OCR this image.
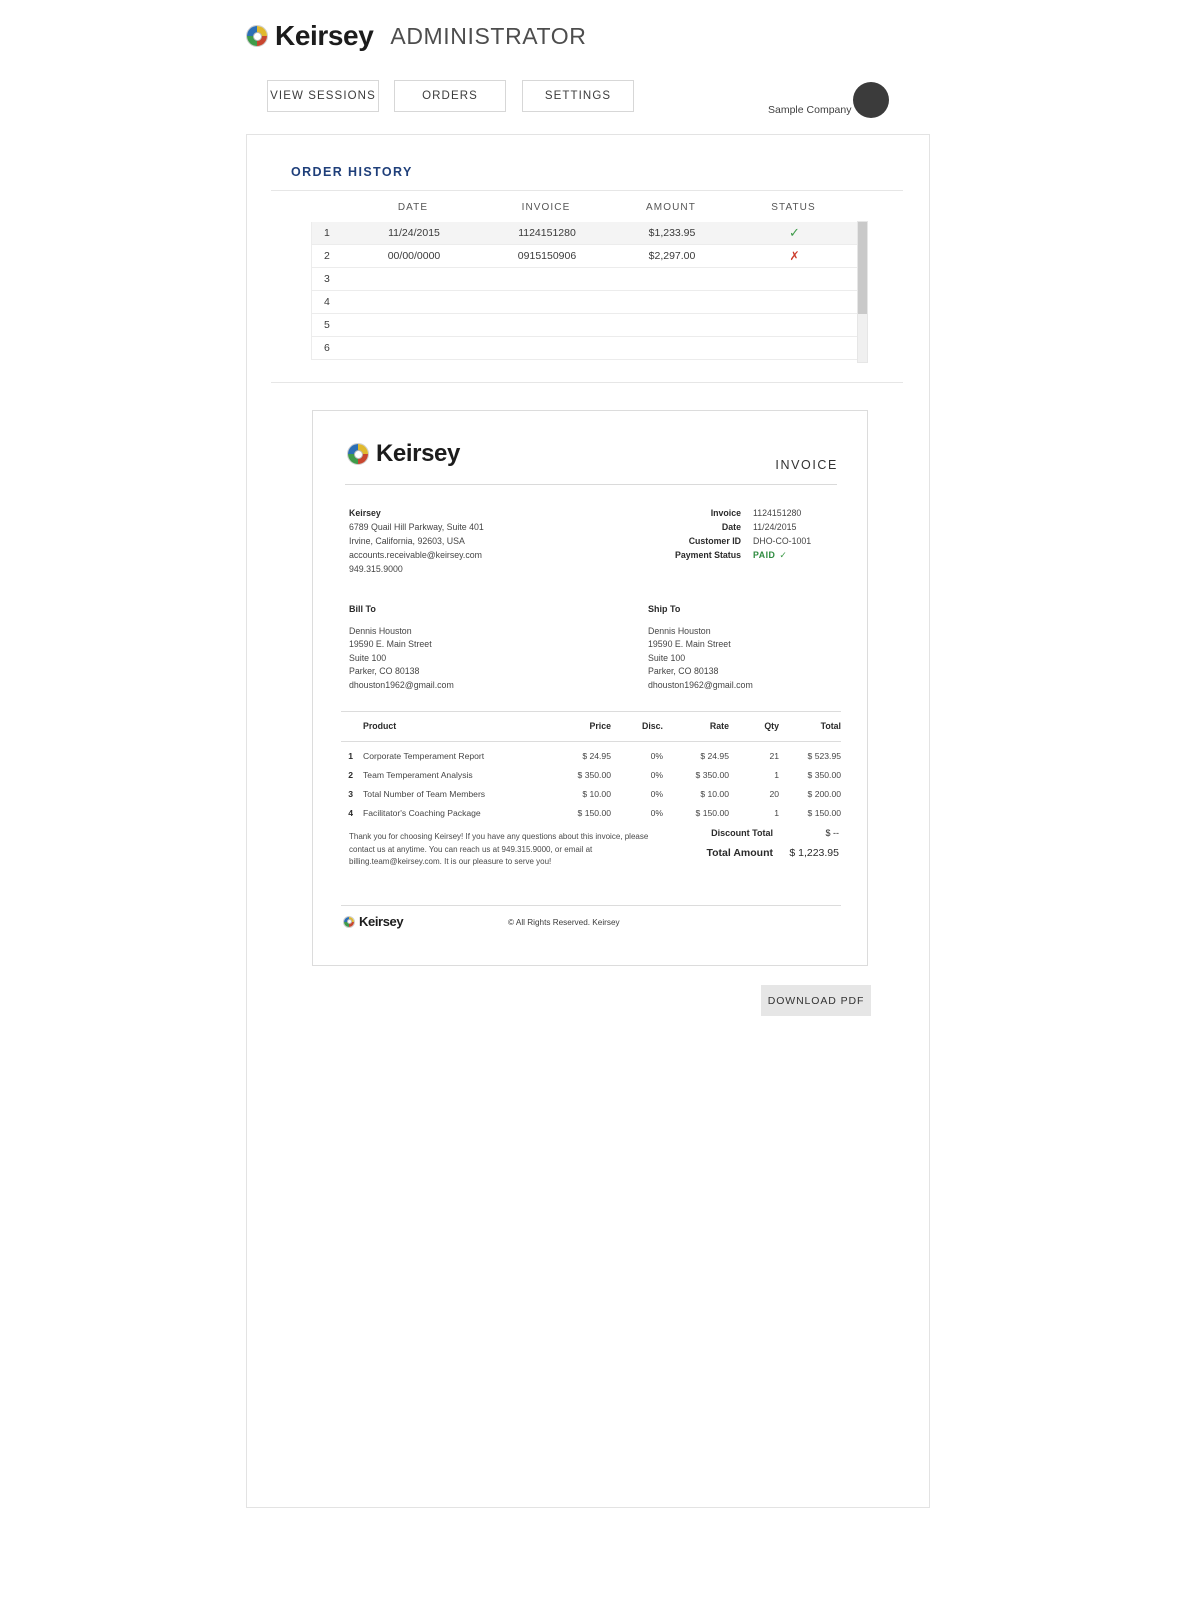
Keirsey ADMINISTRATOR
VIEW SESSIONS	ORDERS	SETTINGS
Sample Company
ORDER HISTORY
DATE	INVOICE	AMOUNT	STATUS
1	11/24/2015	1124151280	$1,233.95	✓
2	00/00/0000	0915150906	$2,297.00	✗
3
4
5
6
Keirsey	INVOICE
Keirsey
6789 Quail Hill Parkway, Suite 401
Irvine, California, 92603, USA
accounts.receivable@keirsey.com
949.315.9000
Invoice 1124151280
Date 11/24/2015
Customer ID DHO-CO-1001
Payment Status PAID ✓
Bill To
Dennis Houston
19590 E. Main Street
Suite 100
Parker, CO 80138
dhouston1962@gmail.com
Ship To
Dennis Houston
19590 E. Main Street
Suite 100
Parker, CO 80138
dhouston1962@gmail.com
Product	Price	Disc.	Rate	Qty	Total
1	Corporate Temperament Report	$ 24.95	0%	$ 24.95	21	$ 523.95
2	Team Temperament Analysis	$ 350.00	0%	$ 350.00	1	$ 350.00
3	Total Number of Team Members	$ 10.00	0%	$ 10.00	20	$ 200.00
4	Facilitator's Coaching Package	$ 150.00	0%	$ 150.00	1	$ 150.00
Thank you for choosing Keirsey! If you have any questions about this invoice, please contact us at anytime. You can reach us at 949.315.9000, or email at billing.team@keirsey.com. It is our pleasure to serve you!
Discount Total	$ --
Total Amount	$ 1,223.95
Keirsey	© All Rights Reserved. Keirsey
DOWNLOAD PDF
